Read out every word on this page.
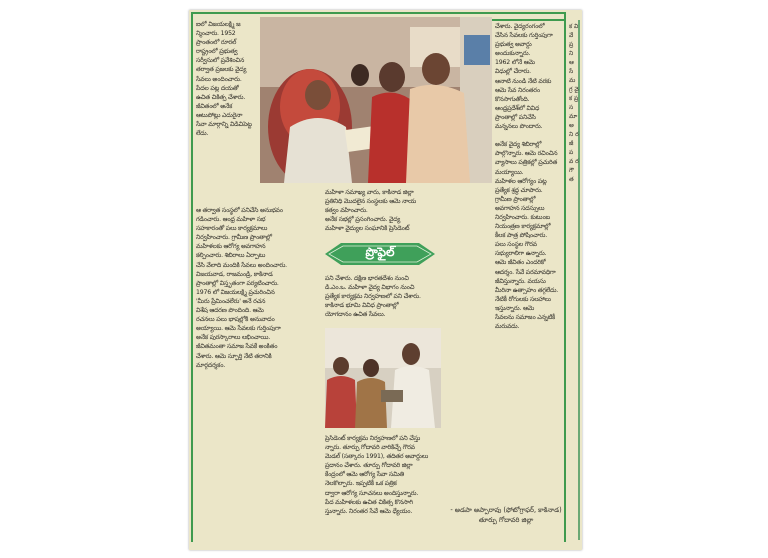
ఐలో విజయలక్ష్మి జన్మించారు. 1952
ప్రాంతంలో రూరల్
రాష్ట్రంలో ప్రభుత్వ
సర్వీసులో ప్రవేశించిన
తర్వాత ప్రజలకు వైద్య
సేవలు అందించారు.
పేదల పట్ల దయతో
ఉచిత చికిత్స చేశారు.
జీవితంలో అనేక
ఆటుపోట్లు ఎదురైనా
సేవా మార్గాన్ని విడిచిపెట్టలేదు.
ఆ తర్వాత సంస్థలో పనిచేసి అనుభవం
గడించారు. ఆంధ్ర మహిళా సభ
సహకారంతో పలు కార్యక్రమాలు
నిర్వహించారు. గ్రామీణ ప్రాంతాల్లో
మహిళలకు ఆరోగ్య అవగాహన
కల్పించారు. శిబిరాలు ఏర్పాటు
చేసి వేలాది మందికి సేవలు అందించారు.
విజయవాడ, రాజమండ్రి, కాకినాడ
ప్రాంతాల్లో విస్తృతంగా పర్యటించారు.
1976 లో విజయలక్ష్మి ప్రచురించిన
'మీరు ప్రేమించలేరు' అనే రచన
విశేష ఆదరణ పొందింది. ఆమె
రచనలు పలు భాషల్లోకి అనువాదం
అయ్యాయి. ఆమె సేవలకు గుర్తింపుగా
అనేక పురస్కారాలు లభించాయి.
జీవితమంతా సమాజ సేవకే అంకితం
చేశారు. ఆమె స్ఫూర్తి నేటి తరానికి
మార్గదర్శకం.
మహిళా సమాఖ్య వారు, కాకినాడ జిల్లా
ప్రతినిధి మొదలైన సంస్థలకు ఆమె నాయ
కత్వం వహించారు.
అనేక సభల్లో ప్రసంగించారు. వైద్య
మహిళా వైద్యుల సంఘానికి ప్రెసిడెంట్
ప్రొఫైల్
పని చేశారు. దక్షిణ భారతదేశం నుంచి
డి.ఎం.ఒ. మహిళా వైద్య విభాగం నుంచి
ప్రత్యేక కార్యక్రమ నిర్వహణలో పని చేశారు.
కాకినాడ భూమి వివిధ ప్రాంతాల్లో
యోగదానం ఉచిత సేవలు.
ప్రెసిడెంట్ కార్యక్రమ నిర్వహణలో పని చేస్తు
న్నారు. తూర్పు గోదావరి వారికిచ్చే గౌరవ
మెడల్ (సత్కారం 1991), తదితర అవార్డులు
ప్రదానం చేశారు. తూర్పు గోదావరి జిల్లా
కేంద్రంలో ఆమె ఆరోగ్య సేవా సమితి
నెలకొల్పారు. ఇప్పటికీ ఒక పత్రిక
ద్వారా ఆరోగ్య సూచనలు అందిస్తున్నారు.
పేద మహిళలకు ఉచిత చికిత్స కొనసాగి
స్తున్నారు. నిరంతర సేవే ఆమె ధ్యేయం.
చేశారు. వైద్యరంగంలో
చేసిన సేవలకు గుర్తింపుగా
ప్రభుత్వ అవార్డు అందుకున్నారు.
1962 లోనే ఆమె
విధుల్లో చేరారు.
ఆనాటి నుండి నేటి వరకు
ఆమె సేవ నిరంతరం
కొనసాగుతోంది.
ఆంధ్రప్రదేశ్‌లో వివిధ
ప్రాంతాల్లో పనిచేసి
మన్ననలు పొందారు.

అనేక వైద్య శిబిరాల్లో
పాల్గొన్నారు. ఆమె రచించిన
వ్యాసాలు పత్రికల్లో ప్రచురితమయ్యాయి.
మహిళల ఆరోగ్యం పట్ల
ప్రత్యేక శ్రద్ధ చూపారు.
గ్రామీణ ప్రాంతాల్లో
అవగాహన సదస్సులు
నిర్వహించారు. కుటుంబ
నియంత్రణ కార్యక్రమాల్లో
కీలక పాత్ర పోషించారు.
పలు సంస్థల గౌరవ
సభ్యురాలిగా ఉన్నారు.
ఆమె జీవితం ఎందరికో
ఆదర్శం. సేవే పరమావధిగా
జీవిస్తున్నారు. వయసు
మీరినా ఉత్సాహం తగ్గలేదు.
నేటికీ రోగులకు సలహాలు
ఇస్తున్నారు. ఆమె
సేవలను సమాజం ఎన్నటికీ
మరువదు.
- అడపా అప్పారావు (ఫోటోగ్రాఫర్, కాకినాడ) తూర్పు గోదావరి జిల్లా
క వి వే ప్ర ని ఆ సే మ గ్ర వై క ప్ర స మా అ ని ర జీ ప వ ర గౌ త
